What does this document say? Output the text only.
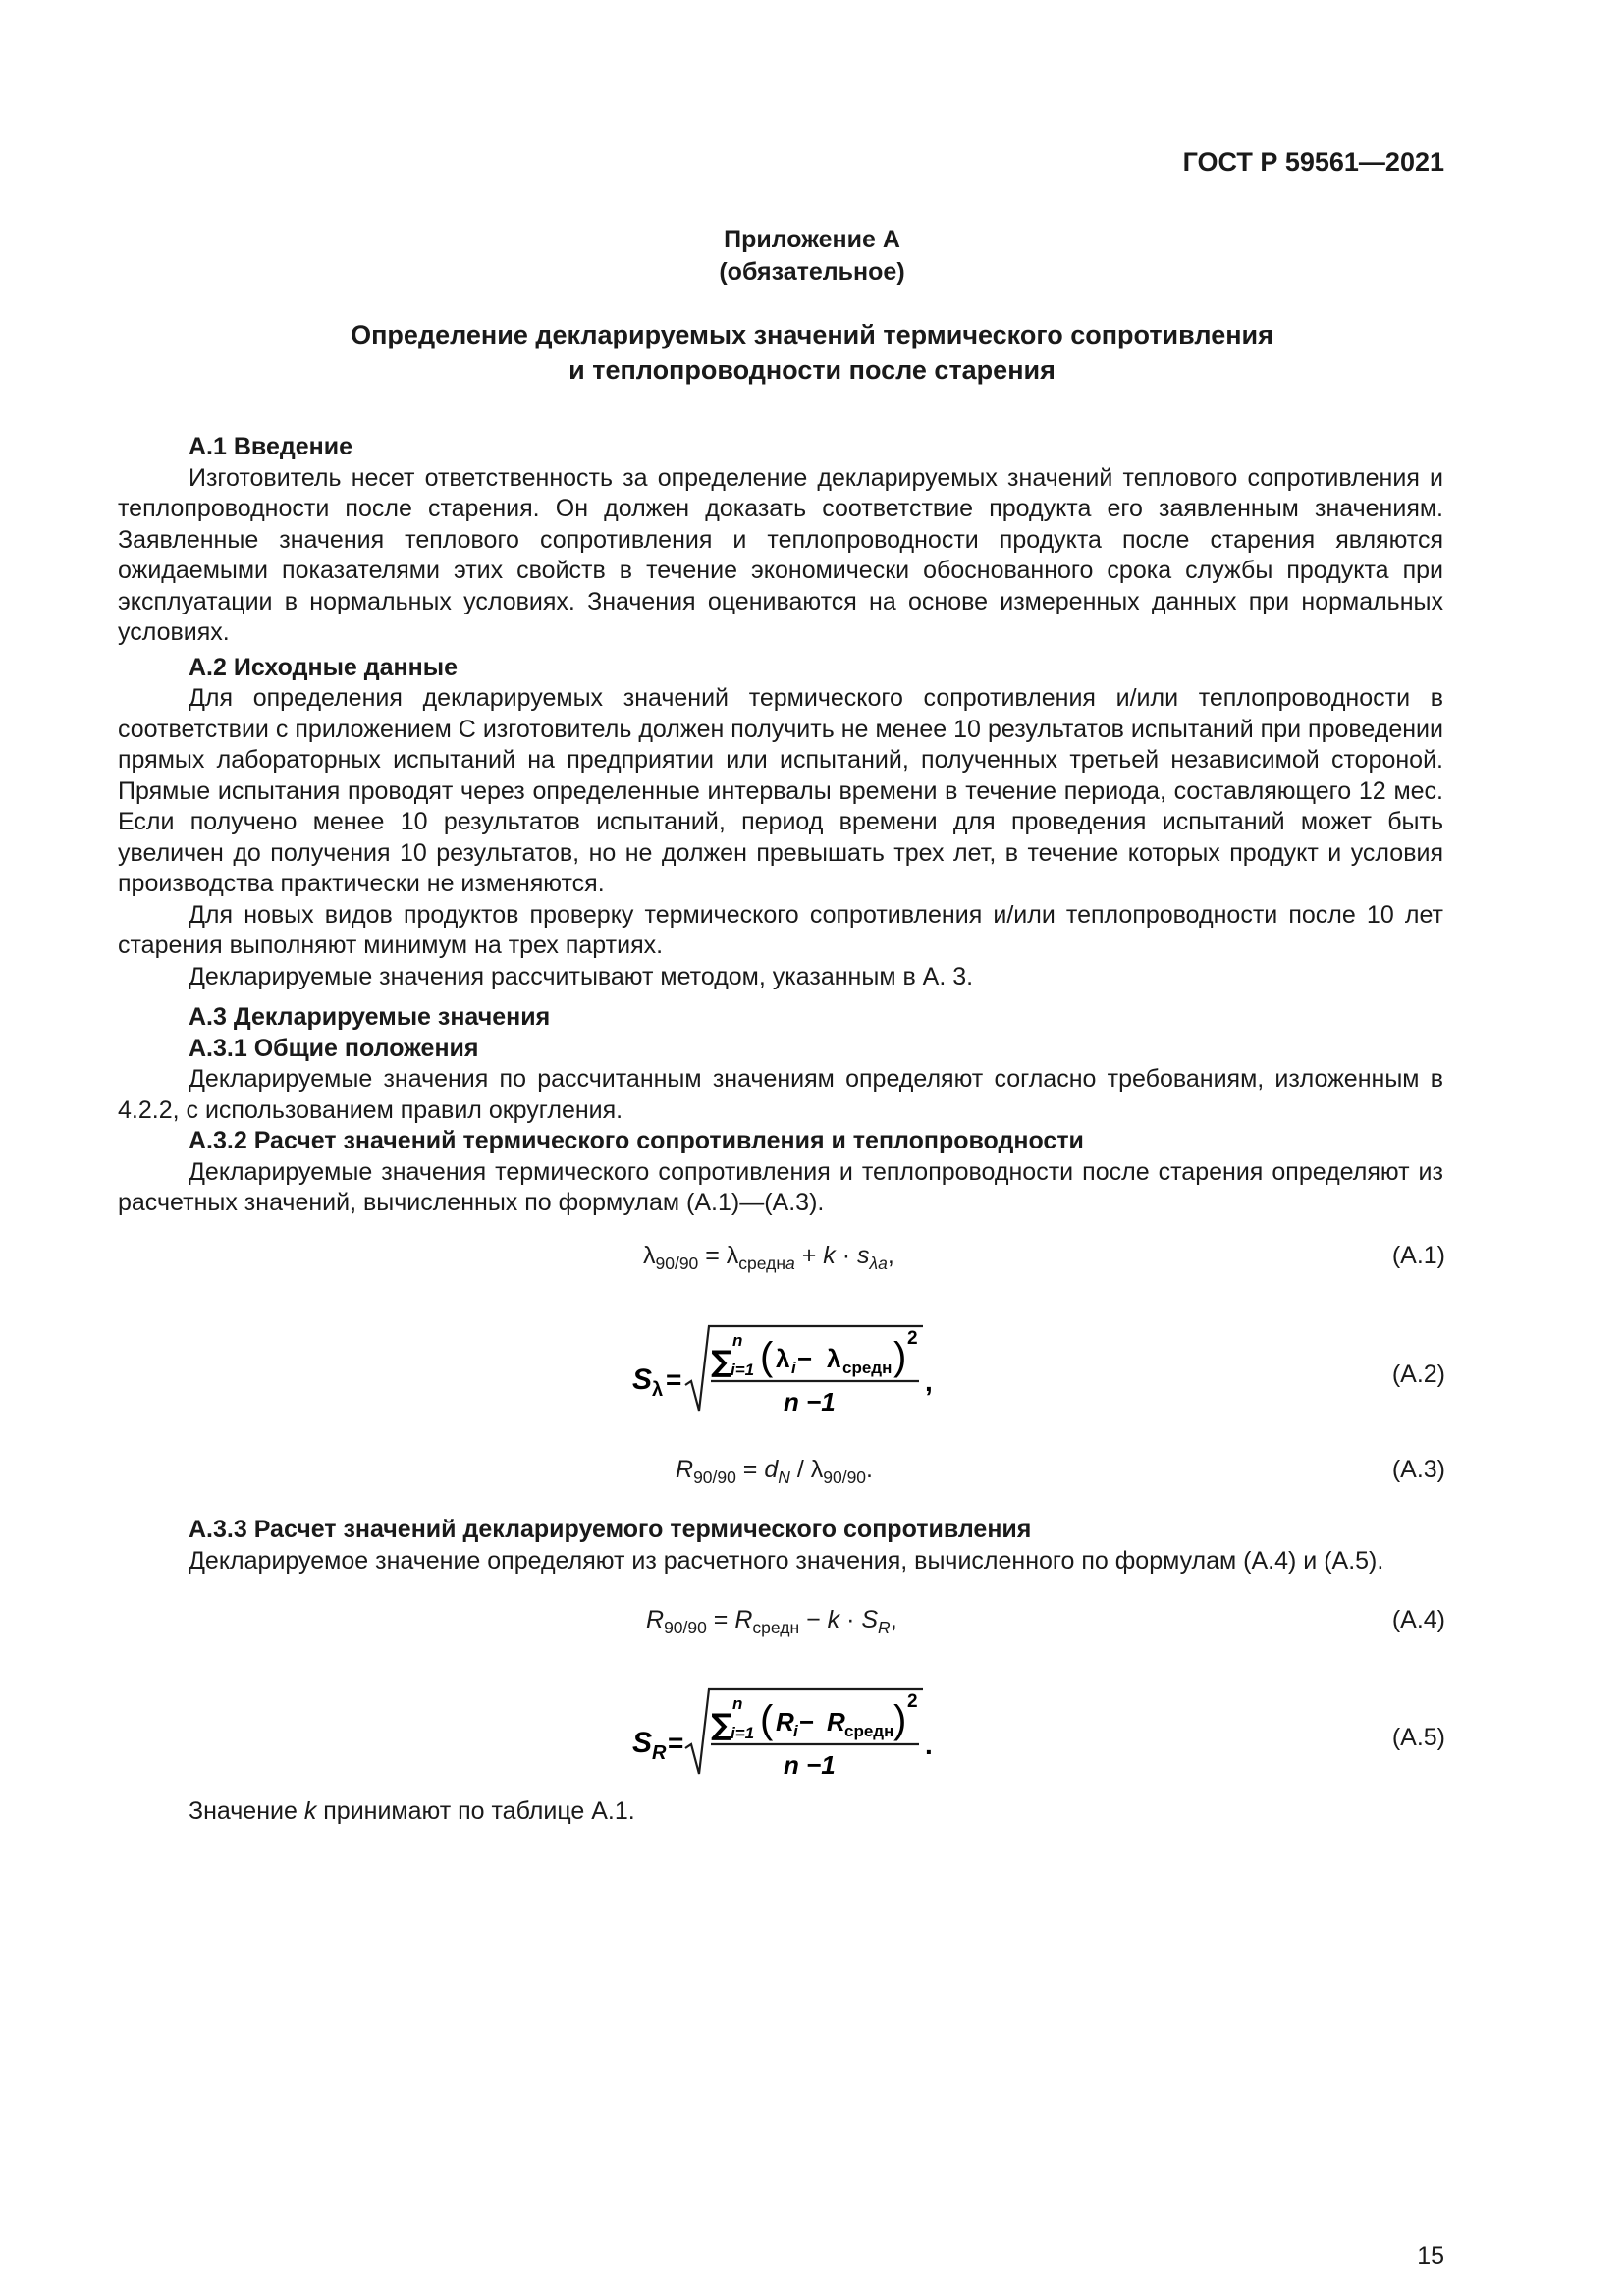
ГОСТ Р 59561—2021
Приложение А
(обязательное)
Определение декларируемых значений термического сопротивления
и теплопроводности после старения
А.1 Введение

Изготовитель несет ответственность за определение декларируемых значений теплового сопротивления и теплопроводности после старения. Он должен доказать соответствие продукта его заявленным значениям. Заявленные значения теплового сопротивления и теплопроводности продукта после старения являются ожидаемыми показателями этих свойств в течение экономически обоснованного срока службы продукта при эксплуатации в нормальных условиях. Значения оцениваются на основе измеренных данных при нормальных условиях.

А.2 Исходные данные

Для определения декларируемых значений термического сопротивления и/или теплопроводности в соответствии с приложением С изготовитель должен получить не менее 10 результатов испытаний при проведении прямых лабораторных испытаний на предприятии или испытаний, полученных третьей независимой стороной. Прямые испытания проводят через определенные интервалы времени в течение периода, составляющего 12 мес. Если получено менее 10 результатов испытаний, период времени для проведения испытаний может быть увеличен до получения 10 результатов, но не должен превышать трех лет, в течение которых продукт и условия производства практически не изменяются.

Для новых видов продуктов проверку термического сопротивления и/или теплопроводности после 10 лет старения выполняют минимум на трех партиях.

Декларируемые значения рассчитывают методом, указанным в А. 3.

А.3 Декларируемые значения
А.3.1 Общие положения

Декларируемые значения по рассчитанным значениям определяют согласно требованиям, изложенным в 4.2.2, с использованием правил округления.

А.3.2 Расчет значений термического сопротивления и теплопроводности

Декларируемые значения термического сопротивления и теплопроводности после старения определяют из расчетных значений, вычисленных по формулам (А.1)—(А.3).

$\lambda_{90/90} = \lambda_{средна} + k \cdot s_{\lambda a}$,	(А.1)
S λ =
∑
n
i=1 ( λ i − λ средн ) 2
n −1
,	(А.2)
$R_{90/90} = d_N / \lambda_{90/90}$.	(А.3)
А.3.3 Расчет значений декларируемого термического сопротивления

Декларируемое значение определяют из расчетного значения, вычисленного по формулам (А.4) и (А.5).

$R_{90/90} = R_{средн} - k \cdot S_R$,	(А.4)
S R =
∑
n
i=1 ( R i − R средн ) 2
n −1
.	(А.5)

Значение k принимают по таблице А.1.

15
